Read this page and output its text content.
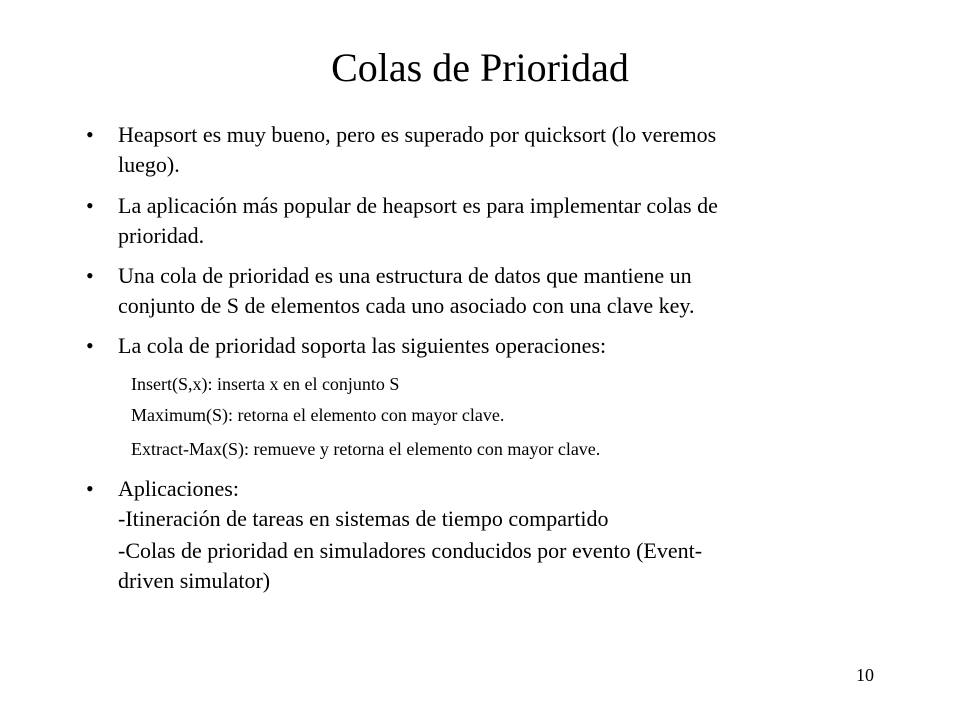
Colas de Prioridad
• Heapsort es muy bueno, pero es superado por quicksort (lo veremos
luego).
• La aplicación más popular de heapsort es para implementar colas de
prioridad.
• Una cola de prioridad es una estructura de datos que mantiene un
conjunto de S de elementos cada uno asociado con una clave key.
• La cola de prioridad soporta las siguientes operaciones:
Insert(S,x): inserta x en el conjunto S
Maximum(S): retorna el elemento con mayor clave.
Extract-Max(S): remueve y retorna el elemento con mayor clave.
• Aplicaciones:
-Itineración de tareas en sistemas de tiempo compartido
-Colas de prioridad en simuladores conducidos por evento (Event-
driven simulator)
10
